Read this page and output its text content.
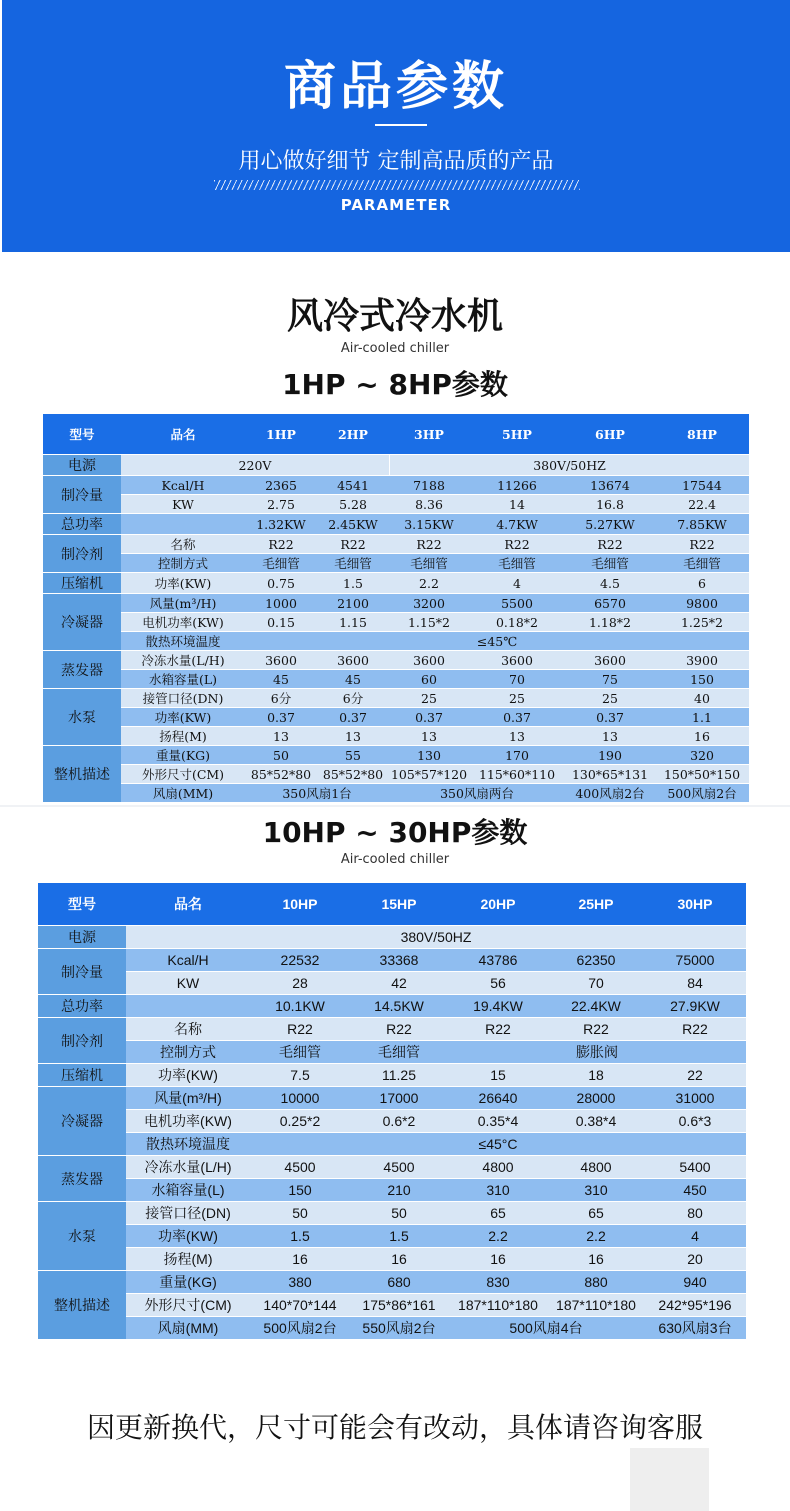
商品参数
用心做好细节 定制高品质的产品
PARAMETER
风冷式冷水机
Air-cooled chiller
1HP ~ 8HP参数
型号	品名	1HP	2HP	3HP	5HP	6HP	8HP
电源	220V			380V/50HZ			
制冷量	Kcal/H	2365	4541	7188	11266	13674	17544
	KW	2.75	5.28	8.36	14	16.8	22.4
总功率		1.32KW	2.45KW	3.15KW	4.7KW	5.27KW	7.85KW
制冷剂	名称	R22	R22	R22	R22	R22	R22
	控制方式	毛细管	毛细管	毛细管	毛细管	毛细管	毛细管
压缩机	功率(KW)	0.75	1.5	2.2	4	4.5	6
冷凝器	风量(m³/H)	1000	2100	3200	5500	6570	9800
	电机功率(KW)	0.15	1.15	1.15*2	0.18*2	1.18*2	1.25*2
	散热环境温度	≤45℃					
蒸发器	冷冻水量(L/H)	3600	3600	3600	3600	3600	3900
	水箱容量(L)	45	45	60	70	75	150
水泵	接管口径(DN)	6分	6分	25	25	25	40
	功率(KW)	0.37	0.37	0.37	0.37	0.37	1.1
	扬程(M)	13	13	13	13	13	16
整机描述	重量(KG)	50	55	130	170	190	320
	外形尺寸(CM)	85*52*80	85*52*80	105*57*120	115*60*110	130*65*131	150*50*150
	风扇(MM)	350风扇1台		350风扇两台		400风扇2台	500风扇2台
10HP ~ 30HP参数
Air-cooled chiller
型号	品名	10HP	15HP	20HP	25HP	30HP
电源	380V/50HZ					
制冷量	Kcal/H	22532	33368	43786	62350	75000
	KW	28	42	56	70	84
总功率		10.1KW	14.5KW	19.4KW	22.4KW	27.9KW
制冷剂	名称	R22	R22	R22	R22	R22
	控制方式	毛细管	毛细管	膨胀阀		
压缩机	功率(KW)	7.5	11.25	15	18	22
冷凝器	风量(m³/H)	10000	17000	26640	28000	31000
	电机功率(KW)	0.25*2	0.6*2	0.35*4	0.38*4	0.6*3
	散热环境温度	≤45°C				
蒸发器	冷冻水量(L/H)	4500	4500	4800	4800	5400
	水箱容量(L)	150	210	310	310	450
水泵	接管口径(DN)	50	50	65	65	80
	功率(KW)	1.5	1.5	2.2	2.2	4
	扬程(M)	16	16	16	16	20
整机描述	重量(KG)	380	680	830	880	940
	外形尺寸(CM)	140*70*144	175*86*161	187*110*180	187*110*180	242*95*196
	风扇(MM)	500风扇2台	550风扇2台	500风扇4台		630风扇3台
因更新换代，尺寸可能会有改动，具体请咨询客服
